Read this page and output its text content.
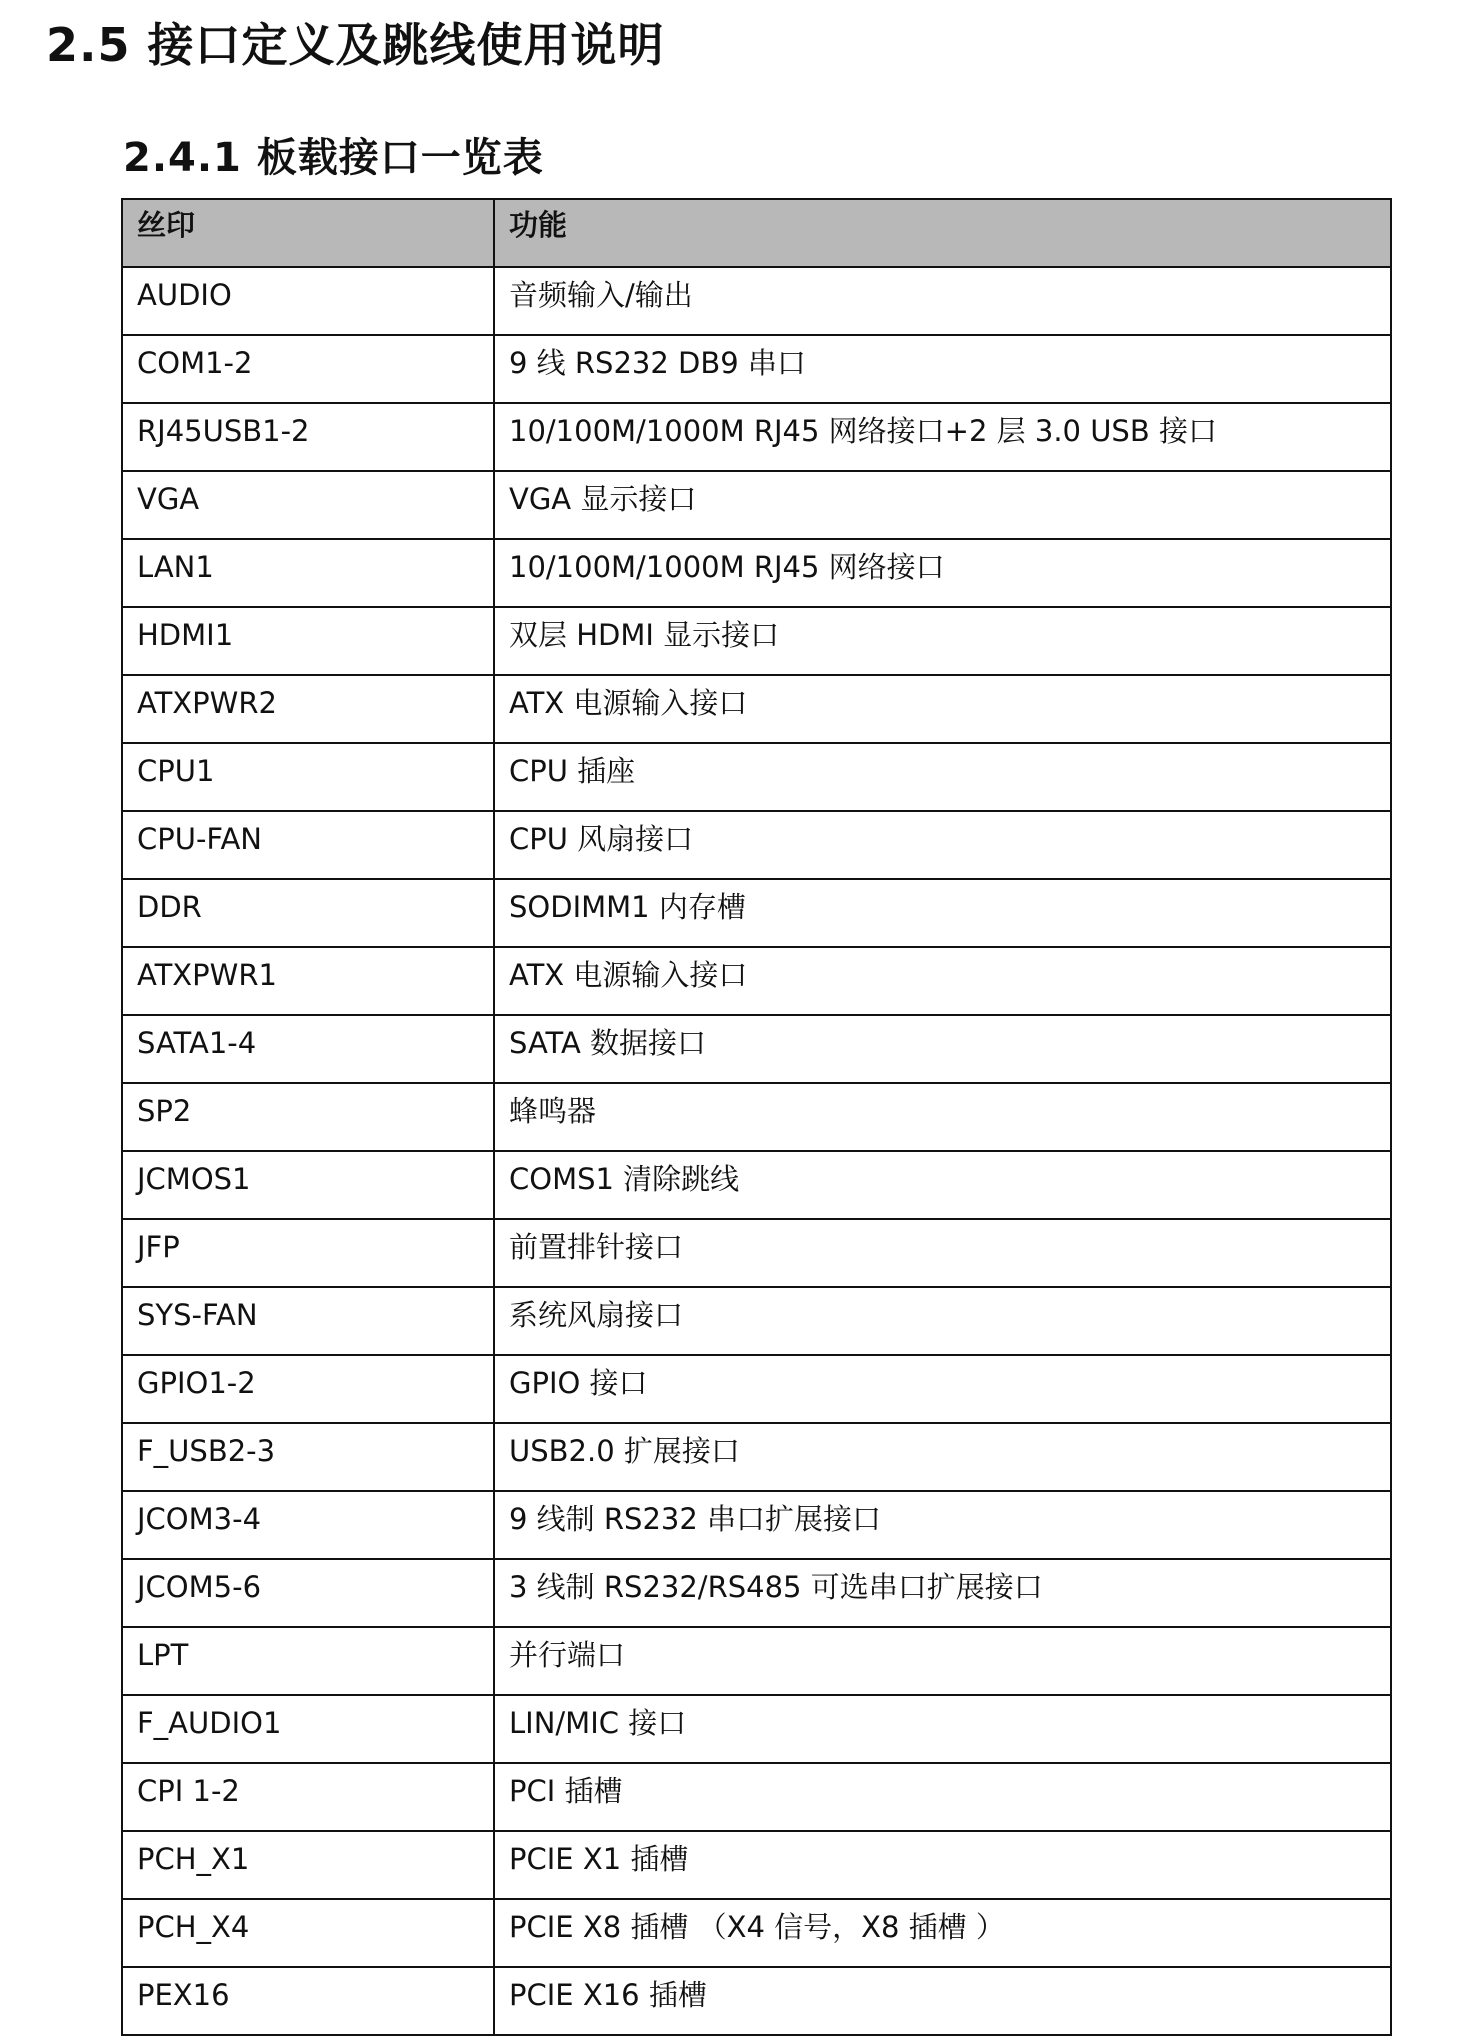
2.5 接口定义及跳线使用说明
2.4.1 板载接口一览表
丝印	功能
AUDIO	音频输入/输出
COM1-2	9 线 RS232 DB9 串口
RJ45USB1-2	10/100M/1000M RJ45 网络接口+2 层 3.0 USB 接口
VGA	VGA 显示接口
LAN1	10/100M/1000M RJ45 网络接口
HDMI1	双层 HDMI 显示接口
ATXPWR2	ATX 电源输入接口
CPU1	CPU 插座
CPU-FAN	CPU 风扇接口
DDR	SODIMM1 内存槽
ATXPWR1	ATX 电源输入接口
SATA1-4	SATA 数据接口
SP2	蜂鸣器
JCMOS1	COMS1 清除跳线
JFP	前置排针接口
SYS-FAN	系统风扇接口
GPIO1-2	GPIO 接口
F_USB2-3	USB2.0 扩展接口
JCOM3-4	9 线制 RS232 串口扩展接口
JCOM5-6	3 线制 RS232/RS485 可选串口扩展接口
LPT	并行端口
F_AUDIO1	LIN/MIC 接口
CPI 1-2	PCI 插槽
PCH_X1	PCIE X1 插槽
PCH_X4	PCIE X8 插槽 （X4 信号，X8 插槽 ）
PEX16	PCIE X16 插槽
